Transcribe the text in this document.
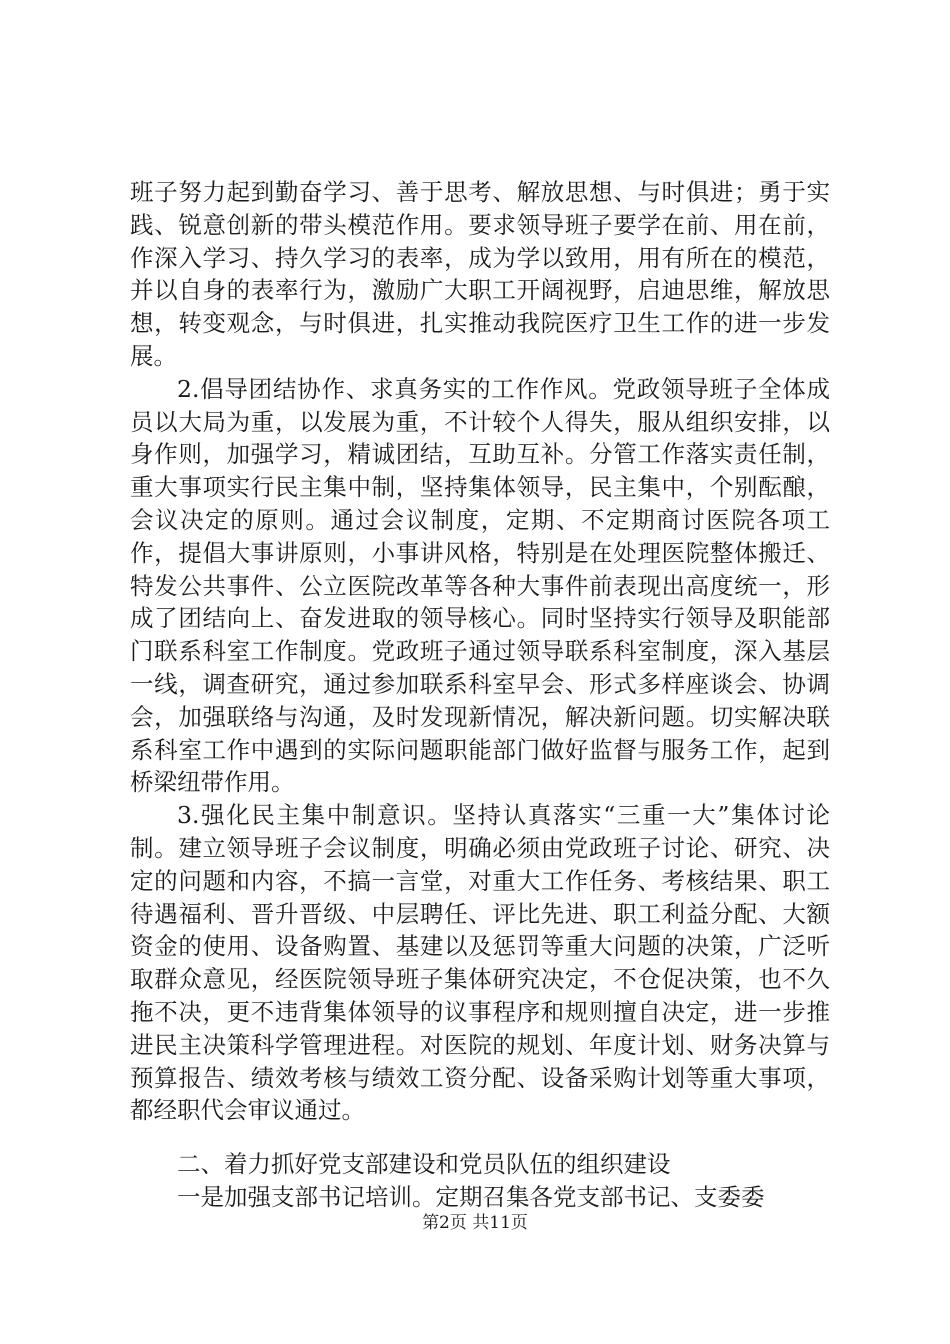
班子努力起到勤奋学习、善于思考、解放思想、与时俱进；勇于实践、锐意创新的带头模范作用。要求领导班子要学在前、用在前，作深入学习、持久学习的表率，成为学以致用，用有所在的模范，并以自身的表率行为，激励广大职工开阔视野，启迪思维，解放思想，转变观念，与时俱进，扎实推动我院医疗卫生工作的进一步发展。

2.倡导团结协作、求真务实的工作作风。党政领导班子全体成员以大局为重，以发展为重，不计较个人得失，服从组织安排，以身作则，加强学习，精诚团结，互助互补。分管工作落实责任制，重大事项实行民主集中制，坚持集体领导，民主集中，个别酝酿，会议决定的原则。通过会议制度，定期、不定期商讨医院各项工作，提倡大事讲原则，小事讲风格，特别是在处理医院整体搬迁、特发公共事件、公立医院改革等各种大事件前表现出高度统一，形成了团结向上、奋发进取的领导核心。同时坚持实行领导及职能部门联系科室工作制度。党政班子通过领导联系科室制度，深入基层一线，调查研究，通过参加联系科室早会、形式多样座谈会、协调会，加强联络与沟通，及时发现新情况，解决新问题。切实解决联系科室工作中遇到的实际问题职能部门做好监督与服务工作，起到桥梁纽带作用。

3.强化民主集中制意识。坚持认真落实“三重一大”集体讨论制。建立领导班子会议制度，明确必须由党政班子讨论、研究、决定的问题和内容，不搞一言堂，对重大工作任务、考核结果、职工待遇福利、晋升晋级、中层聘任、评比先进、职工利益分配、大额资金的使用、设备购置、基建以及惩罚等重大问题的决策，广泛听取群众意见，经医院领导班子集体研究决定，不仓促决策，也不久拖不决，更不违背集体领导的议事程序和规则擅自决定，进一步推进民主决策科学管理进程。对医院的规划、年度计划、财务决算与预算报告、绩效考核与绩效工资分配、设备采购计划等重大事项，都经职代会审议通过。

二、着力抓好党支部建设和党员队伍的组织建设

一是加强支部书记培训。定期召集各党支部书记、支委委

第2页 共11页
